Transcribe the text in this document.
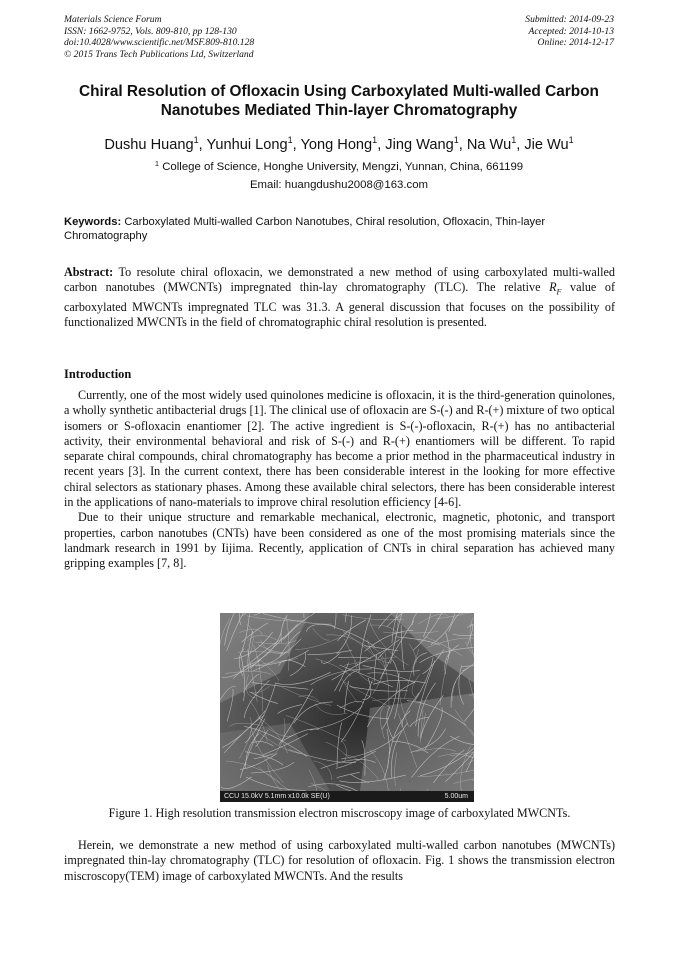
Materials Science Forum
ISSN: 1662-9752, Vols. 809-810, pp 128-130
doi:10.4028/www.scientific.net/MSF.809-810.128
© 2015 Trans Tech Publications Ltd, Switzerland
Submitted: 2014-09-23
Accepted: 2014-10-13
Online: 2014-12-17
Chiral Resolution of Ofloxacin Using Carboxylated Multi-walled Carbon Nanotubes Mediated Thin-layer Chromatography
Dushu Huang$^1$, Yunhui Long$^1$, Yong Hong$^1$, Jing Wang$^1$, Na Wu$^1$, Jie Wu$^1$
$^1$ College of Science, Honghe University, Mengzi, Yunnan, China, 661199
Email: huangdushu2008@163.com
Keywords: Carboxylated Multi-walled Carbon Nanotubes, Chiral resolution, Ofloxacin, Thin-layer Chromatography
Abstract: To resolute chiral ofloxacin, we demonstrated a new method of using carboxylated multi-walled carbon nanotubes (MWCNTs) impregnated thin-lay chromatography (TLC). The relative $R_F$ value of carboxylated MWCNTs impregnated TLC was 31.3. A general discussion that focuses on the possibility of functionalized MWCNTs in the field of chromatographic chiral resolution is presented.
Introduction

Currently, one of the most widely used quinolones medicine is ofloxacin, it is the third-generation quinolones, a wholly synthetic antibacterial drugs [1]. The clinical use of ofloxacin are S-(-) and R-(+) mixture of two optical isomers or S-ofloxacin enantiomer [2]. The active ingredient is S-(-)-ofloxacin, R-(+) has no antibacterial activity, their environmental behavioral and risk of S-(-) and R-(+) enantiomers will be different. To rapid separate chiral compounds, chiral chromatography has become a prior method in the pharmaceutical industry in recent years [3]. In the current context, there has been considerable interest in the looking for more effective chiral selectors as stationary phases. Among these available chiral selectors, there has been considerable interest in the applications of nano-materials to improve chiral resolution efficiency [4-6].

Due to their unique structure and remarkable mechanical, electronic, magnetic, photonic, and transport properties, carbon nanotubes (CNTs) have been considered as one of the most promising materials since the landmark research in 1991 by Iijima. Recently, application of CNTs in chiral separation has achieved many gripping examples [7, 8].

CCU 15.0kV 5.1mm x10.0k SE(U)	5.00um
Figure 1. High resolution transmission electron miscroscopy image of carboxylated MWCNTs.

Herein, we demonstrate a new method of using carboxylated multi-walled carbon nanotubes (MWCNTs) impregnated thin-lay chromatography (TLC) for resolution of ofloxacin. Fig. 1 shows the transmission electron miscroscopy(TEM) image of carboxylated MWCNTs. And the results
